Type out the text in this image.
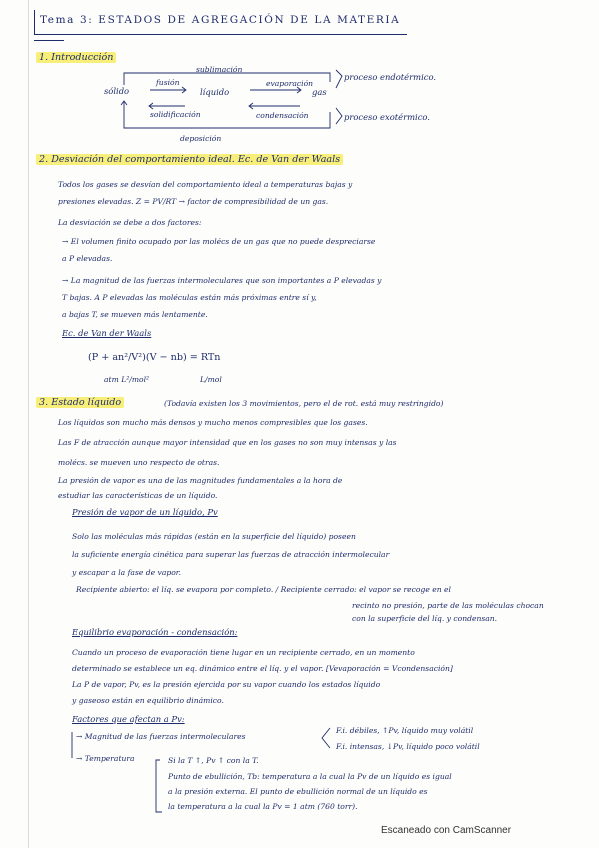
Tema 3: ESTADOS DE AGREGACIÓN DE LA MATERIA
1. Introducción
sublimación
fusión
sólido	líquido
evaporación
gas
solidificación	condensación
deposición
proceso endotérmico.
proceso exotérmico.
2. Desviación del comportamiento ideal. Ec. de Van der Waals
Todos los gases se desvían del comportamiento ideal a temperaturas bajas y
presiones elevadas. Z = PV/RT → factor de compresibilidad de un gas.
La desviación se debe a dos factores:
→ El volumen finito ocupado por las molécs de un gas que no puede despreciarse
a P elevadas.
→ La magnitud de las fuerzas intermoleculares que son importantes a P elevadas y
T bajas. A P elevadas las moléculas están más próximas entre sí y,
a bajas T, se mueven más lentamente.
Ec. de Van der Waals
(P + an²/V²)(V − nb) = RTn
atm L²/mol²	L/mol
3. Estado líquido	(Todavía existen los 3 movimientos, pero el de rot. está muy restringido)
Los líquidos son mucho más densos y mucho menos compresibles que los gases.
Las F de atracción aunque mayor intensidad que en los gases no son muy intensas y las
molécs. se mueven uno respecto de otras.
La presión de vapor es una de las magnitudes fundamentales a la hora de
estudiar las características de un líquido.
Presión de vapor de un líquido, Pv
Solo las moléculas más rápidas (están en la superficie del líquido) poseen
la suficiente energía cinética para superar las fuerzas de atracción intermolecular
y escapar a la fase de vapor.
Recipiente abierto: el líq. se evapora por completo. / Recipiente cerrado: el vapor se recoge en el
recinto no presión, parte de las moléculas chocan
con la superficie del líq. y condensan.
Equilibrio evaporación - condensación:
Cuando un proceso de evaporación tiene lugar en un recipiente cerrado, en un momento
determinado se establece un eq. dinámico entre el líq. y el vapor. [Vevaporación = Vcondensación]
La P de vapor, Pv, es la presión ejercida por su vapor cuando los estados líquido
y gaseoso están en equilibrio dinámico.
Factores que afectan a Pv:
→ Magnitud de las fuerzas intermoleculares
F.i. débiles, ↑Pv, líquido muy volátil
F.i. intensas, ↓Pv, líquido poco volátil
→ Temperatura	Si la T ↑, Pv ↑ con la T.
Punto de ebullición, Tb: temperatura a la cual la Pv de un líquido es igual
a la presión externa. El punto de ebullición normal de un líquido es
la temperatura a la cual la Pv = 1 atm (760 torr).
Escaneado con CamScanner
